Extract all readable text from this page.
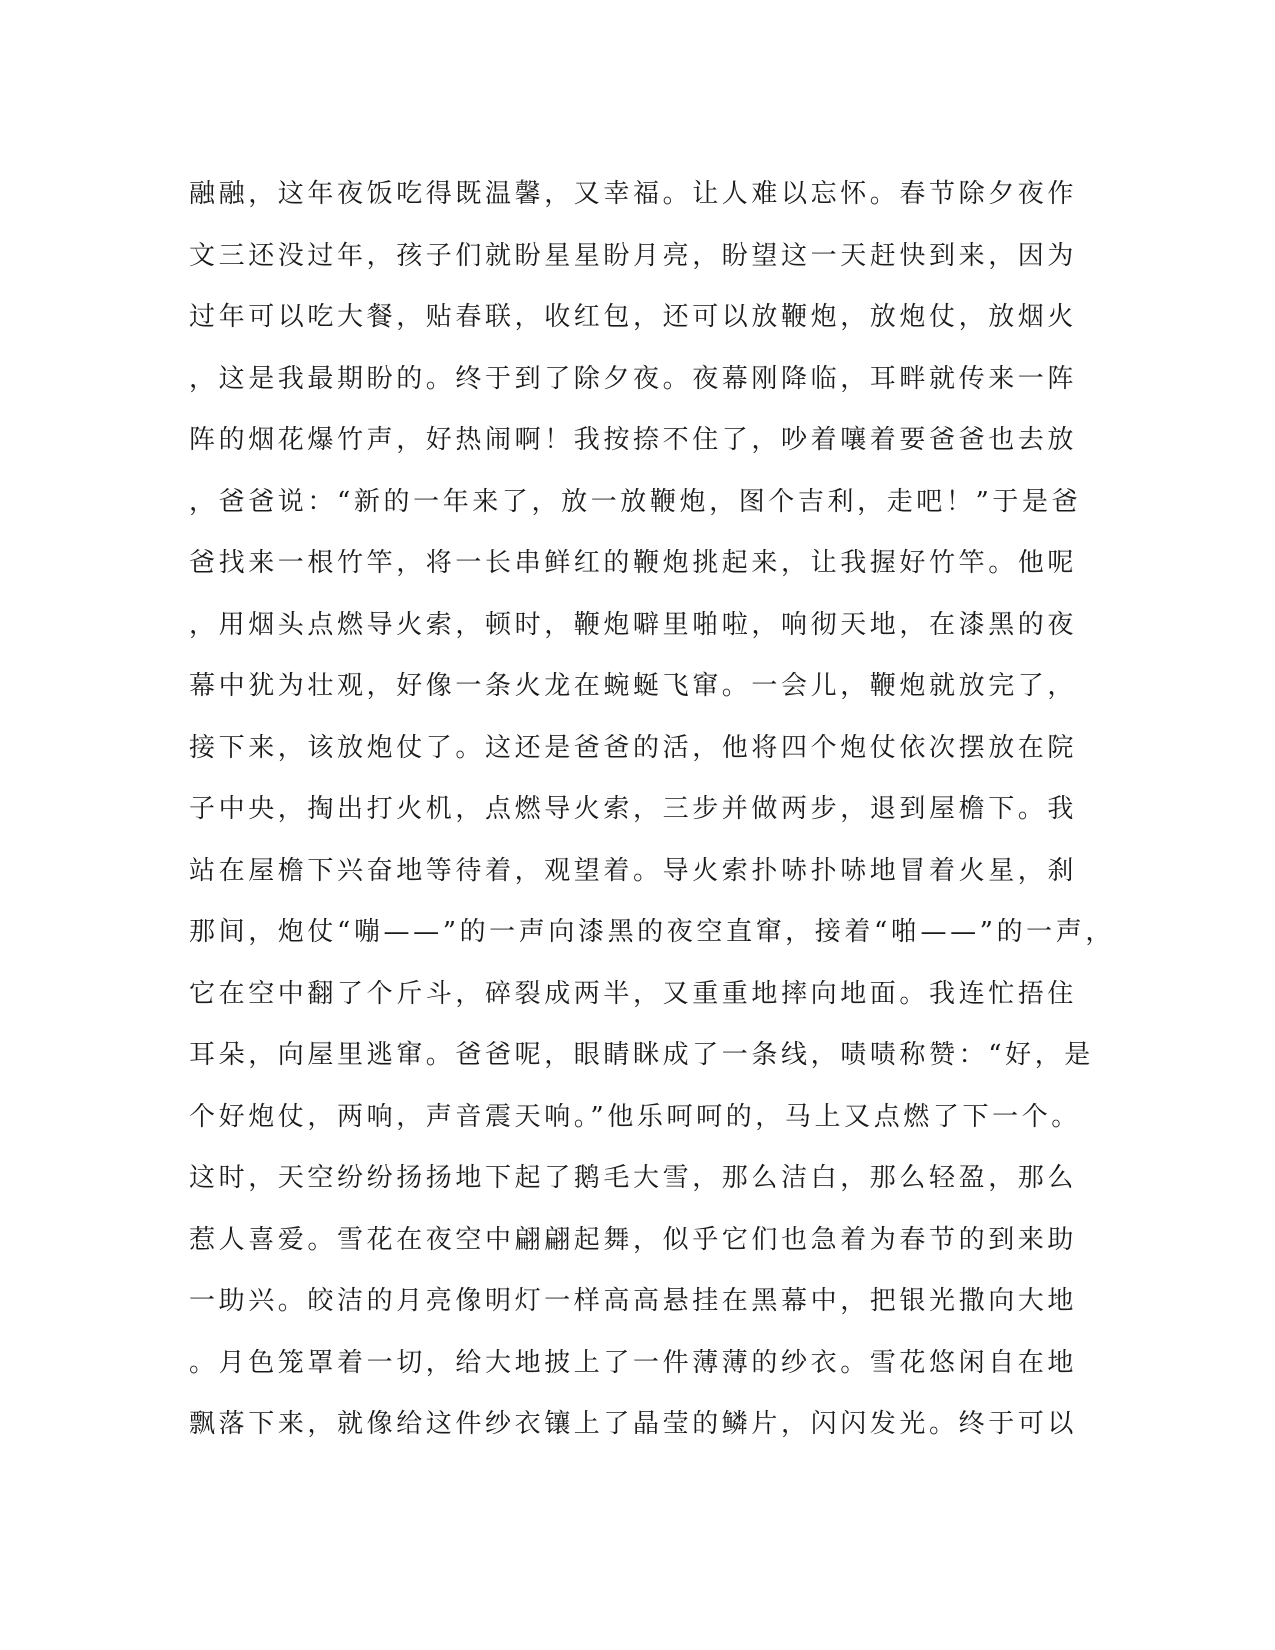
融融，这年夜饭吃得既温馨，又幸福。让人难以忘怀。春节除夕夜作
文三还没过年，孩子们就盼星星盼月亮，盼望这一天赶快到来，因为
过年可以吃大餐，贴春联，收红包，还可以放鞭炮，放炮仗，放烟火
，这是我最期盼的。终于到了除夕夜。夜幕刚降临，耳畔就传来一阵
阵的烟花爆竹声，好热闹啊！我按捺不住了，吵着嚷着要爸爸也去放
，爸爸说：“新的一年来了，放一放鞭炮，图个吉利，走吧！”于是爸
爸找来一根竹竿，将一长串鲜红的鞭炮挑起来，让我握好竹竿。他呢
，用烟头点燃导火索，顿时，鞭炮噼里啪啦，响彻天地，在漆黑的夜
幕中犹为壮观，好像一条火龙在蜿蜒飞窜。一会儿，鞭炮就放完了，
接下来，该放炮仗了。这还是爸爸的活，他将四个炮仗依次摆放在院
子中央，掏出打火机，点燃导火索，三步并做两步，退到屋檐下。我
站在屋檐下兴奋地等待着，观望着。导火索扑哧扑哧地冒着火星，刹
那间，炮仗“嘣——”的一声向漆黑的夜空直窜，接着“啪——”的一声，
它在空中翻了个斤斗，碎裂成两半，又重重地摔向地面。我连忙捂住
耳朵，向屋里逃窜。爸爸呢，眼睛眯成了一条线，啧啧称赞：“好，是
个好炮仗，两响，声音震天响。”他乐呵呵的，马上又点燃了下一个。
这时，天空纷纷扬扬地下起了鹅毛大雪，那么洁白，那么轻盈，那么
惹人喜爱。雪花在夜空中翩翩起舞，似乎它们也急着为春节的到来助
一助兴。皎洁的月亮像明灯一样高高悬挂在黑幕中，把银光撒向大地
。月色笼罩着一切，给大地披上了一件薄薄的纱衣。雪花悠闲自在地
飘落下来，就像给这件纱衣镶上了晶莹的鳞片，闪闪发光。终于可以
